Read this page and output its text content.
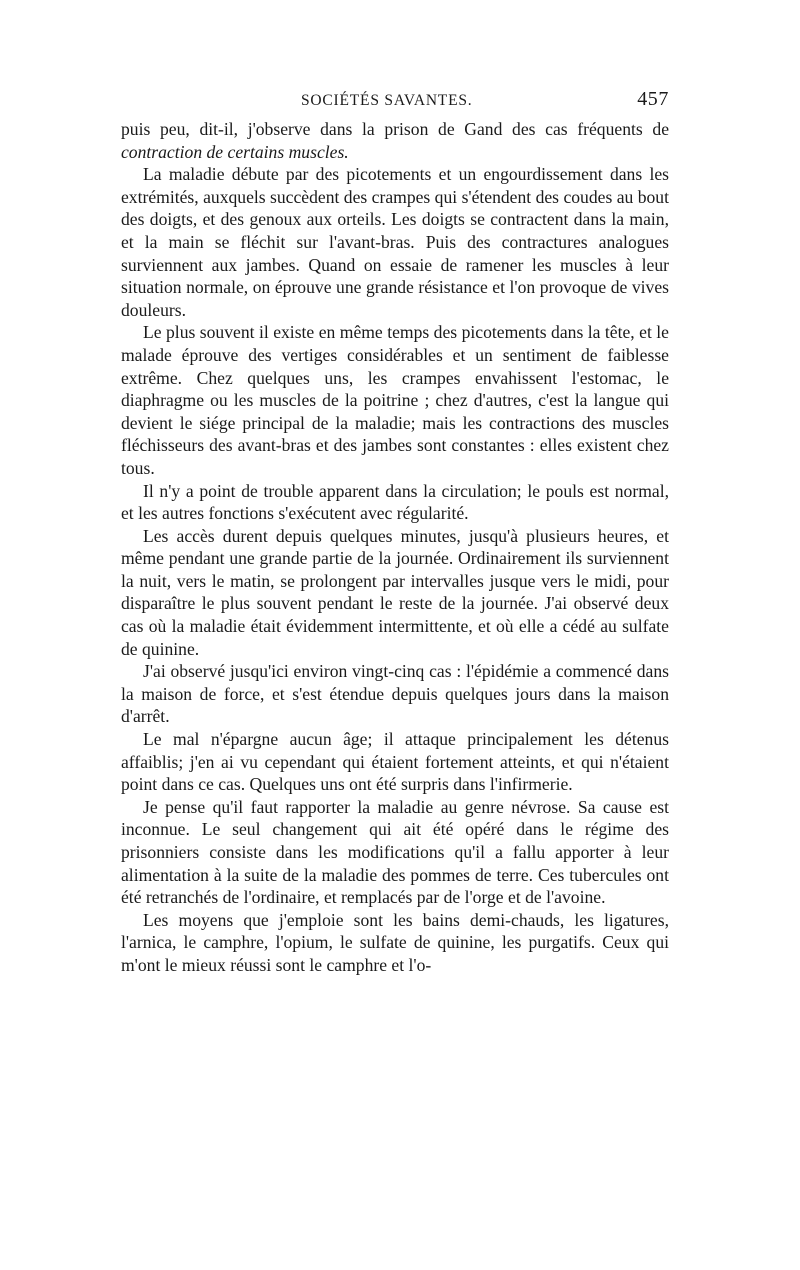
SOCIÉTÉS SAVANTES.	457

puis peu, dit-il, j'observe dans la prison de Gand des cas fréquents de contraction de certains muscles.

La maladie débute par des picotements et un engourdissement dans les extrémités, auxquels succèdent des crampes qui s'étendent des coudes au bout des doigts, et des genoux aux orteils. Les doigts se contractent dans la main, et la main se fléchit sur l'avant-bras. Puis des contractures analogues surviennent aux jambes. Quand on essaie de ramener les muscles à leur situation normale, on éprouve une grande résistance et l'on provoque de vives douleurs.

Le plus souvent il existe en même temps des picotements dans la tête, et le malade éprouve des vertiges considérables et un sentiment de faiblesse extrême. Chez quelques uns, les crampes envahissent l'estomac, le diaphragme ou les muscles de la poitrine ; chez d'autres, c'est la langue qui devient le siége principal de la maladie; mais les contractions des muscles fléchisseurs des avant-bras et des jambes sont constantes : elles existent chez tous.

Il n'y a point de trouble apparent dans la circulation; le pouls est normal, et les autres fonctions s'exécutent avec régularité.

Les accès durent depuis quelques minutes, jusqu'à plusieurs heures, et même pendant une grande partie de la journée. Ordinairement ils surviennent la nuit, vers le matin, se prolongent par intervalles jusque vers le midi, pour disparaître le plus souvent pendant le reste de la journée. J'ai observé deux cas où la maladie était évidemment intermittente, et où elle a cédé au sulfate de quinine.

J'ai observé jusqu'ici environ vingt-cinq cas : l'épidémie a commencé dans la maison de force, et s'est étendue depuis quelques jours dans la maison d'arrêt.

Le mal n'épargne aucun âge; il attaque principalement les détenus affaiblis; j'en ai vu cependant qui étaient fortement atteints, et qui n'étaient point dans ce cas. Quelques uns ont été surpris dans l'infirmerie.

Je pense qu'il faut rapporter la maladie au genre névrose. Sa cause est inconnue. Le seul changement qui ait été opéré dans le régime des prisonniers consiste dans les modifications qu'il a fallu apporter à leur alimentation à la suite de la maladie des pommes de terre. Ces tubercules ont été retranchés de l'ordinaire, et remplacés par de l'orge et de l'avoine.

Les moyens que j'emploie sont les bains demi-chauds, les ligatures, l'arnica, le camphre, l'opium, le sulfate de quinine, les purgatifs. Ceux qui m'ont le mieux réussi sont le camphre et l'o-
